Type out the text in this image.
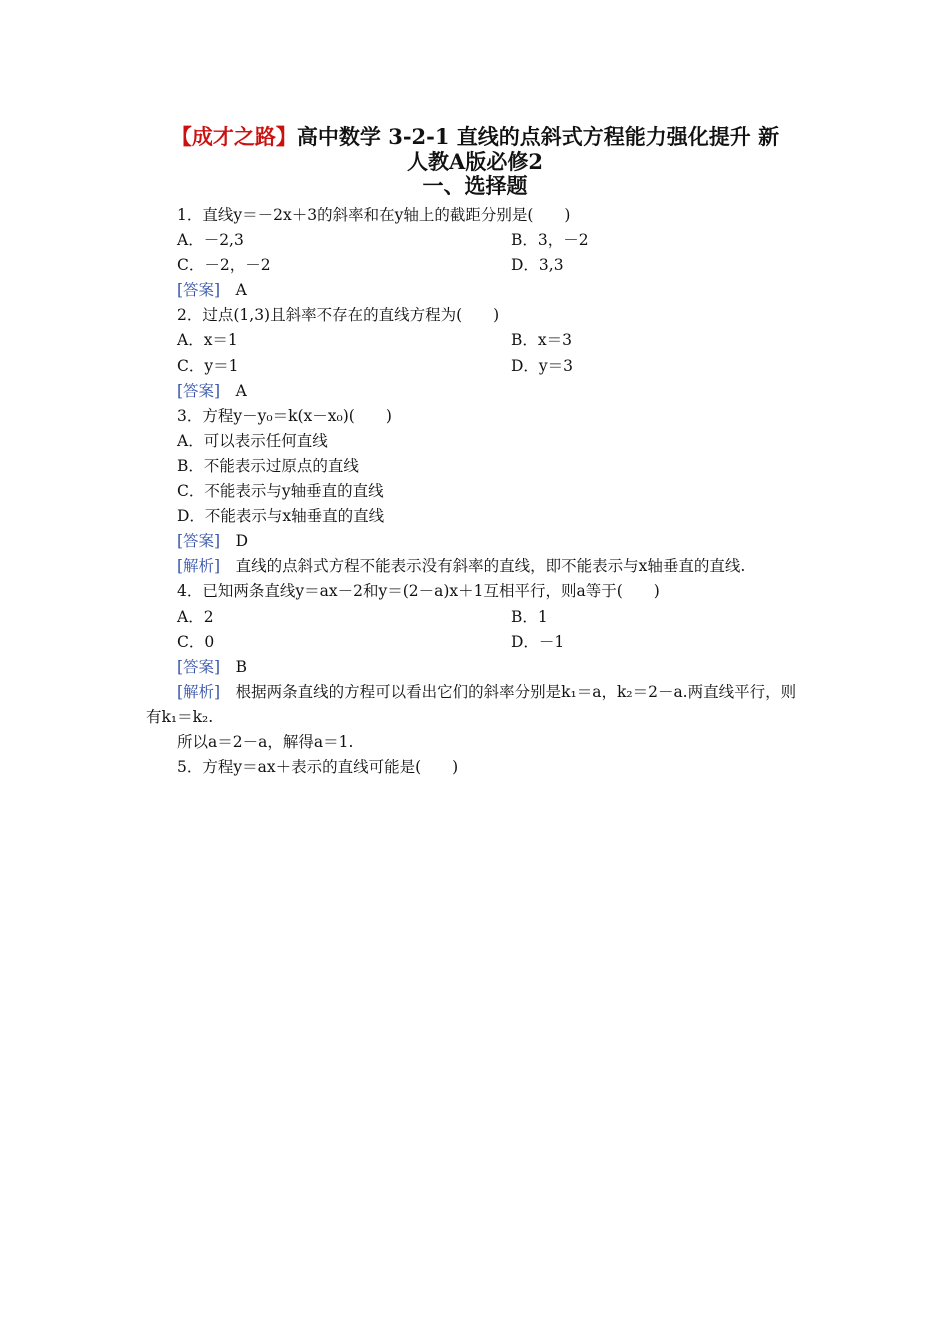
【成才之路】高中数学 3-2-1 直线的点斜式方程能力强化提升 新
人教A版必修2
一、选择题
1．直线y＝－2x＋3的斜率和在y轴上的截距分别是(　　)
A．－2,3	B．3，－2
C．－2，－2	D．3,3
[答案]　 A
2．过点(1,3)且斜率不存在的直线方程为(　　)
A．x＝1	B．x＝3
C．y＝1	D．y＝3
[答案]　 A
3．方程y－y₀＝k(x－x₀)(　　)
A．可以表示任何直线
B．不能表示过原点的直线
C．不能表示与y轴垂直的直线
D．不能表示与x轴垂直的直线
[答案]　 D
[解析]　 直线的点斜式方程不能表示没有斜率的直线，即不能表示与x轴垂直的直线.
4．已知两条直线y＝ax－2和y＝(2－a)x＋1互相平行，则a等于(　　)
A．2	B．1
C．0	D．－1
[答案]　 B
[解析]　 根据两条直线的方程可以看出它们的斜率分别是k₁＝a，k₂＝2－a.两直线平行，则有k₁＝k₂.
所以a＝2－a，解得a＝1.
5．方程y＝ax＋表示的直线可能是(　　)
